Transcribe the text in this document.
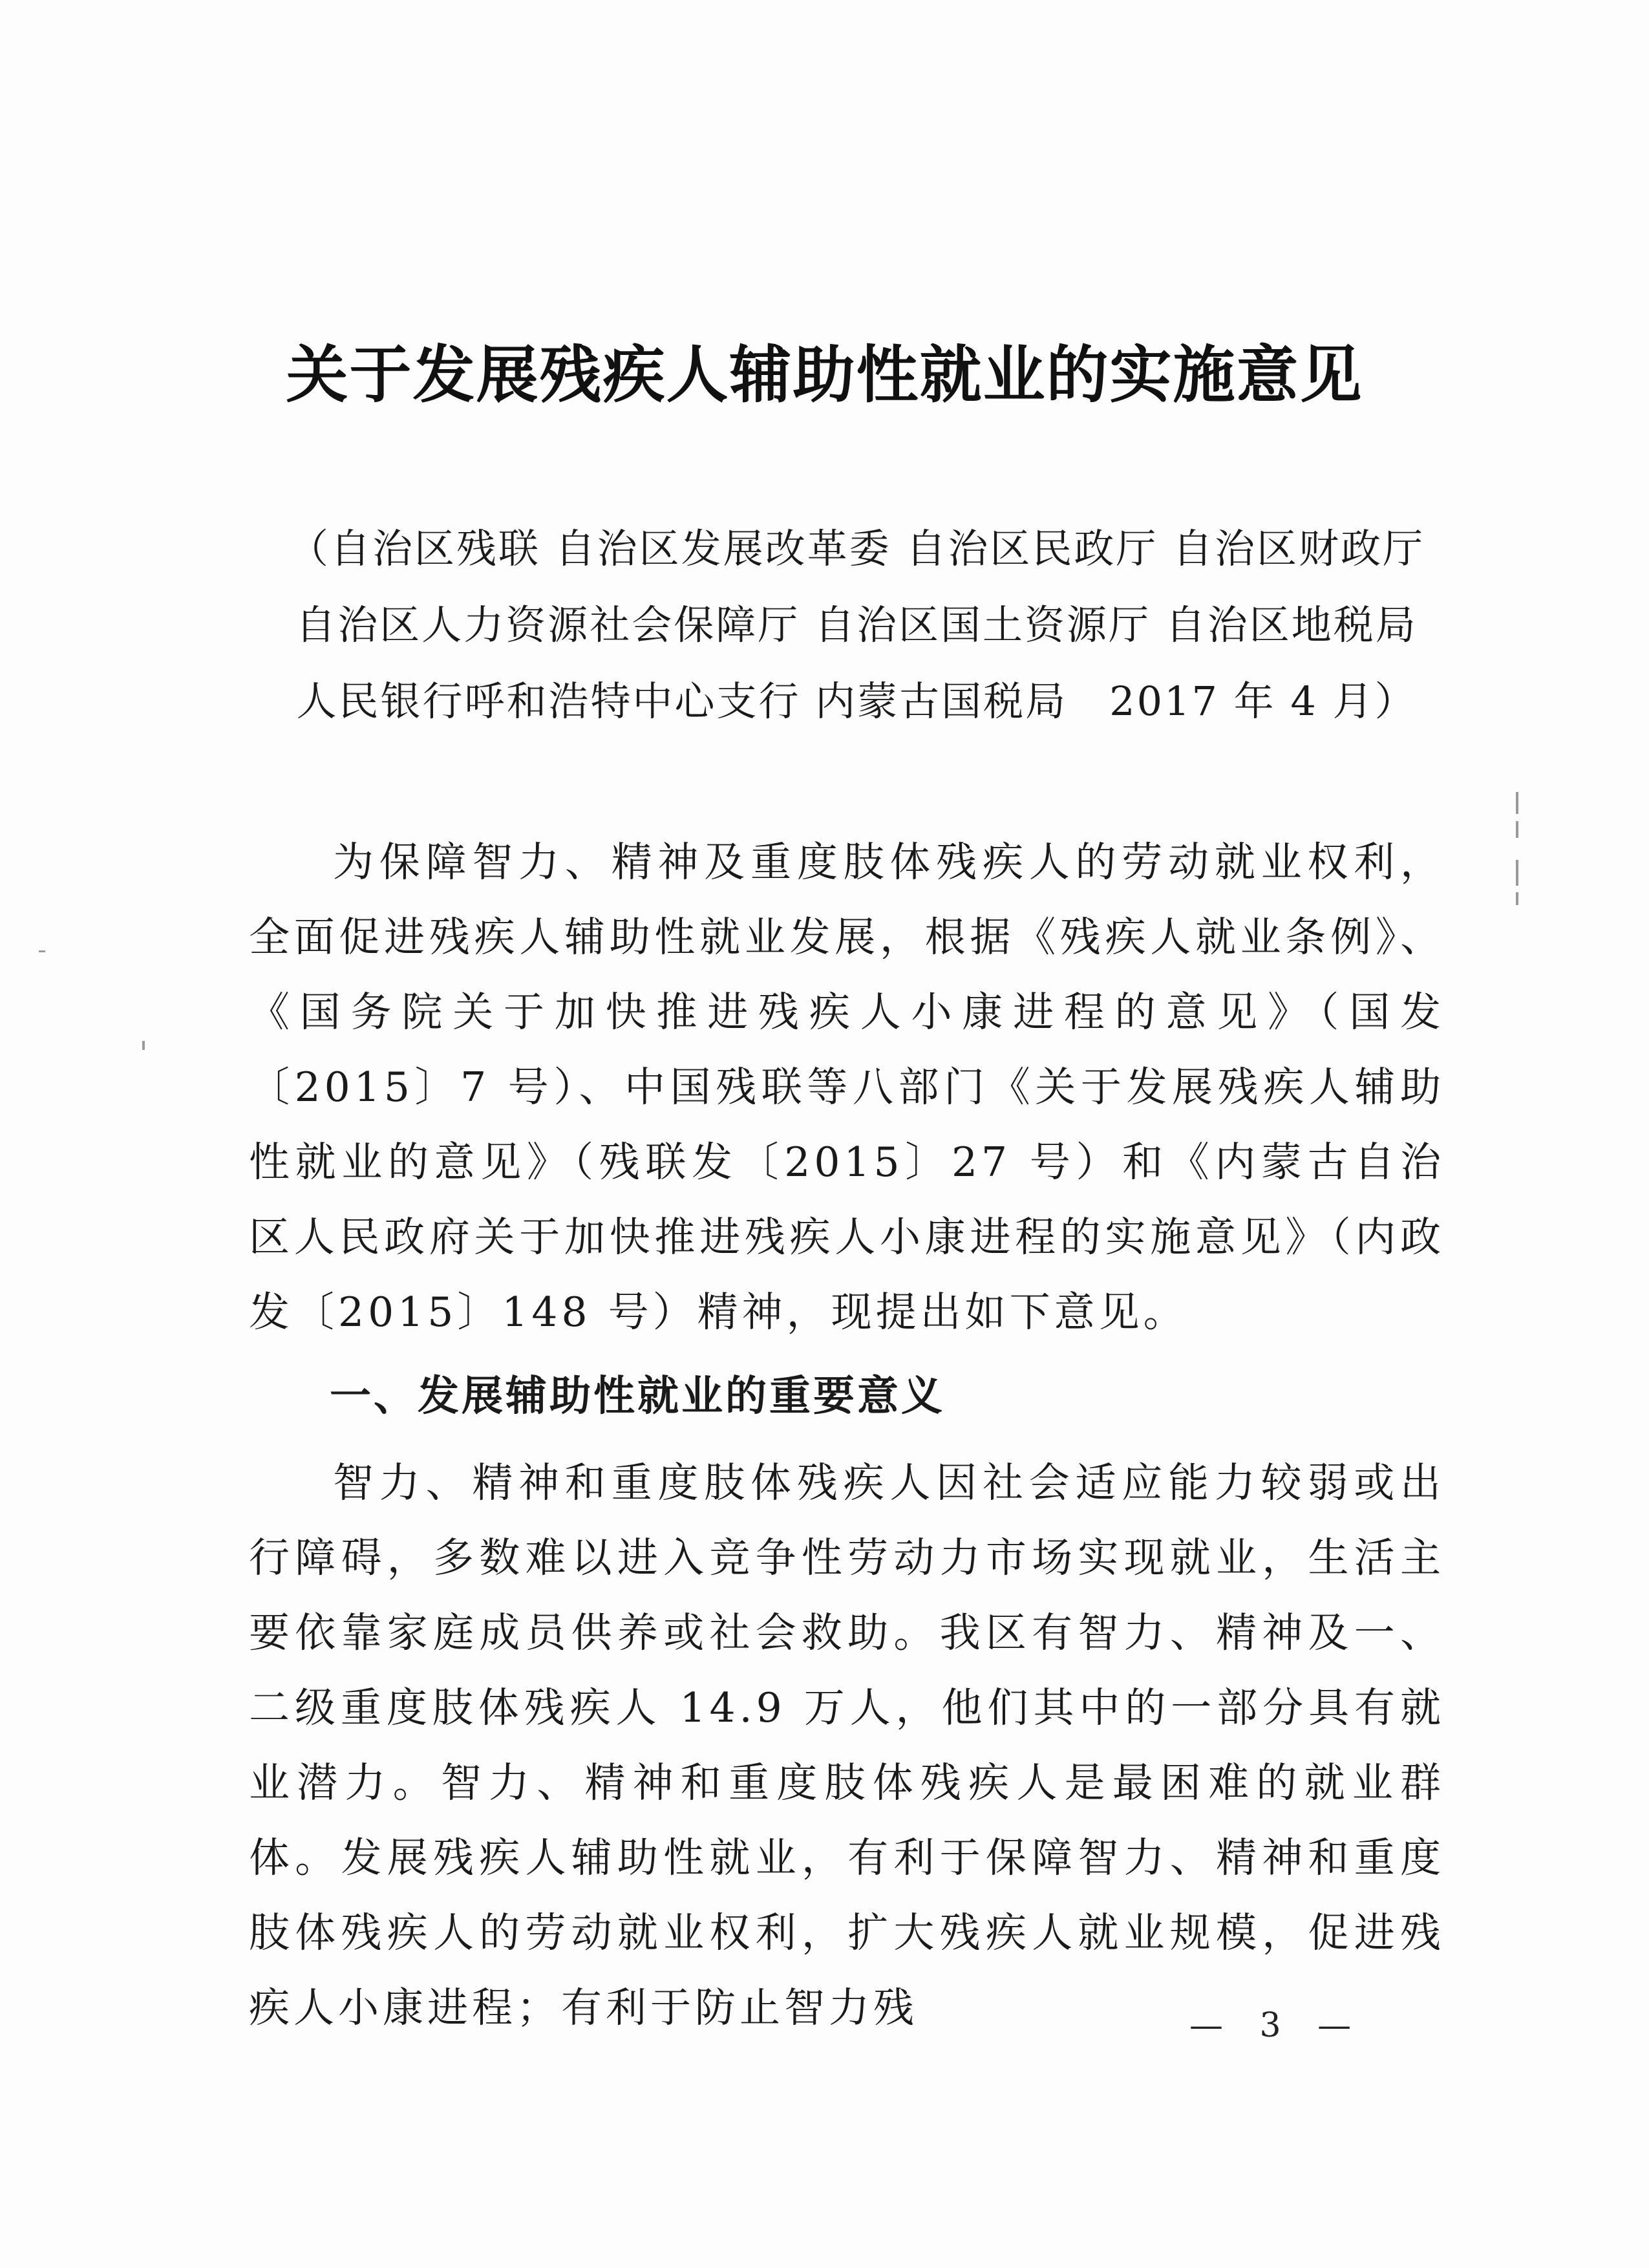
关于发展残疾人辅助性就业的实施意见
（自治区残联 自治区发展改革委 自治区民政厅 自治区财政厅
自治区人力资源社会保障厅 自治区国土资源厅 自治区地税局
人民银行呼和浩特中心支行 内蒙古国税局　2017 年 4 月）

为保障智力、精神及重度肢体残疾人的劳动就业权利，全面促进残疾人辅助性就业发展，根据《残疾人就业条例》、《国务院关于加快推进残疾人小康进程的意见》（国发〔2015〕7 号）、中国残联等八部门《关于发展残疾人辅助性就业的意见》（残联发〔2015〕27 号）和《内蒙古自治区人民政府关于加快推进残疾人小康进程的实施意见》（内政发〔2015〕148 号）精神，现提出如下意见。

一、发展辅助性就业的重要意义

智力、精神和重度肢体残疾人因社会适应能力较弱或出行障碍，多数难以进入竞争性劳动力市场实现就业，生活主要依靠家庭成员供养或社会救助。我区有智力、精神及一、二级重度肢体残疾人 14.9 万人，他们其中的一部分具有就业潜力。智力、精神和重度肢体残疾人是最困难的就业群体。发展残疾人辅助性就业，有利于保障智力、精神和重度肢体残疾人的劳动就业权利，扩大残疾人就业规模，促进残疾人小康进程；有利于防止智力残	— 3 —
